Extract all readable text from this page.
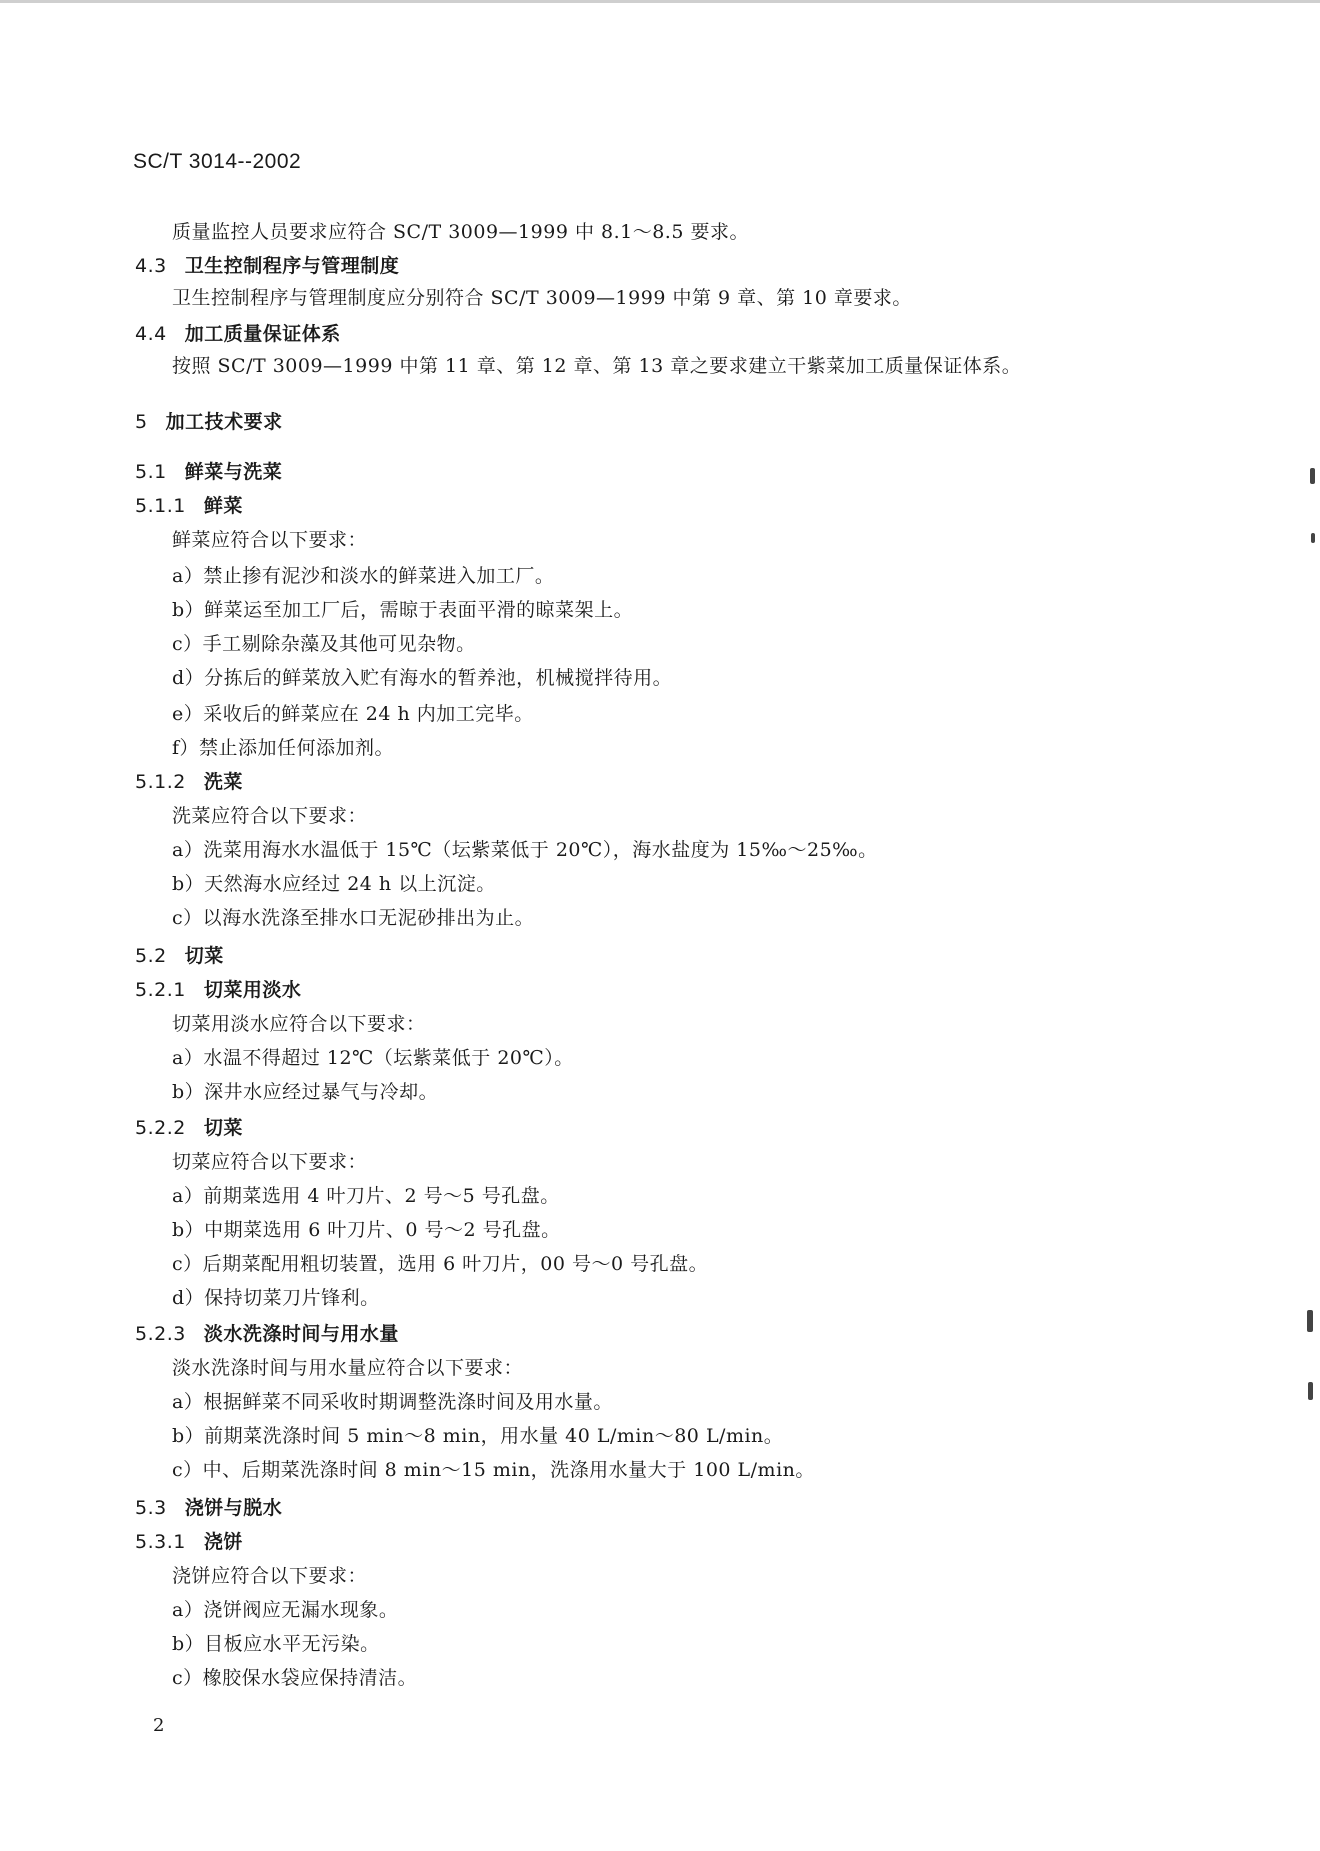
SC/T 3014--2002
质量监控人员要求应符合 SC/T 3009—1999 中 8.1～8.5 要求。
4.3 卫生控制程序与管理制度
卫生控制程序与管理制度应分别符合 SC/T 3009—1999 中第 9 章、第 10 章要求。
4.4 加工质量保证体系
按照 SC/T 3009—1999 中第 11 章、第 12 章、第 13 章之要求建立干紫菜加工质量保证体系。
5 加工技术要求
5.1 鲜菜与洗菜
5.1.1 鲜菜
鲜菜应符合以下要求：
a）禁止掺有泥沙和淡水的鲜菜进入加工厂。
b）鲜菜运至加工厂后，需晾于表面平滑的晾菜架上。
c）手工剔除杂藻及其他可见杂物。
d）分拣后的鲜菜放入贮有海水的暂养池，机械搅拌待用。
e）采收后的鲜菜应在 24 h 内加工完毕。
f）禁止添加任何添加剂。
5.1.2 洗菜
洗菜应符合以下要求：
a）洗菜用海水水温低于 15℃（坛紫菜低于 20℃），海水盐度为 15‰～25‰。
b）天然海水应经过 24 h 以上沉淀。
c）以海水洗涤至排水口无泥砂排出为止。
5.2 切菜
5.2.1 切菜用淡水
切菜用淡水应符合以下要求：
a）水温不得超过 12℃（坛紫菜低于 20℃）。
b）深井水应经过暴气与冷却。
5.2.2 切菜
切菜应符合以下要求：
a）前期菜选用 4 叶刀片、2 号～5 号孔盘。
b）中期菜选用 6 叶刀片、0 号～2 号孔盘。
c）后期菜配用粗切装置，选用 6 叶刀片，00 号～0 号孔盘。
d）保持切菜刀片锋利。
5.2.3 淡水洗涤时间与用水量
淡水洗涤时间与用水量应符合以下要求：
a）根据鲜菜不同采收时期调整洗涤时间及用水量。
b）前期菜洗涤时间 5 min～8 min，用水量 40 L/min～80 L/min。
c）中、后期菜洗涤时间 8 min～15 min，洗涤用水量大于 100 L/min。
5.3 浇饼与脱水
5.3.1 浇饼
浇饼应符合以下要求：
a）浇饼阀应无漏水现象。
b）目板应水平无污染。
c）橡胶保水袋应保持清洁。
2
